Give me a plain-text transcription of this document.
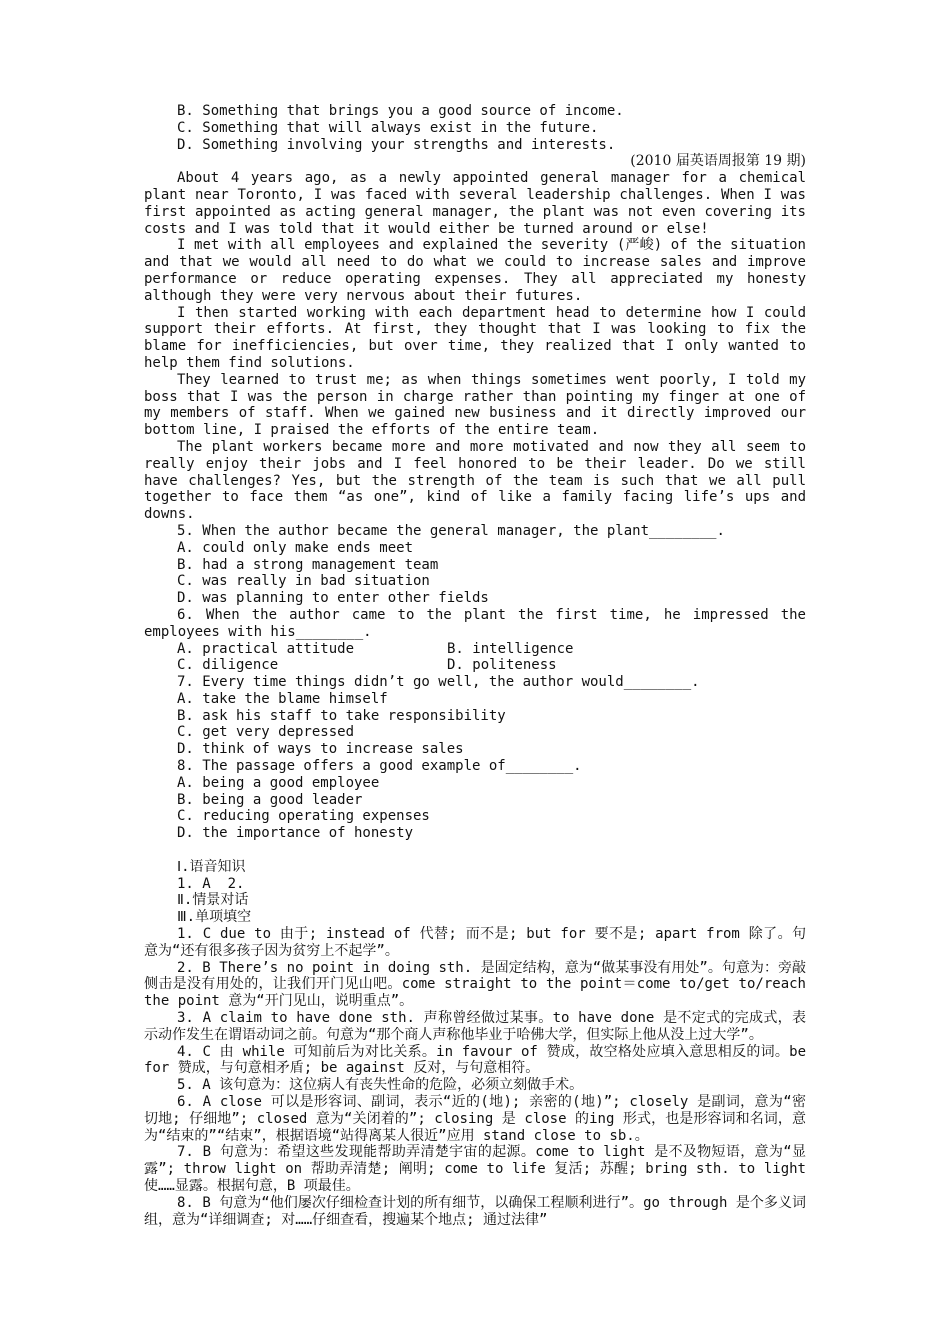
B. Something that brings you a good source of income.
C. Something that will always exist in the future.
D. Something involving your strengths and interests.

(2010 届英语周报第 19 期)

About 4 years ago, as a newly appointed general manager for a chemical plant near Toronto, I was faced with several leadership challenges. When I was first appointed as acting general manager, the plant was not even covering its costs and I was told that it would either be turned around or else!

I met with all employees and explained the severity (严峻) of the situation and that we would all need to do what we could to increase sales and improve performance or reduce operating expenses. They all appreciated my honesty although they were very nervous about their futures.

I then started working with each department head to determine how I could support their efforts. At first, they thought that I was looking to fix the blame for inefficiencies, but over time, they realized that I only wanted to help them find solutions.

They learned to trust me; as when things sometimes went poorly, I told my boss that I was the person in charge rather than pointing my finger at one of my members of staff. When we gained new business and it directly improved our bottom line, I praised the efforts of the entire team.

The plant workers became more and more motivated and now they all seem to really enjoy their jobs and I feel honored to be their leader. Do we still have challenges? Yes, but the strength of the team is such that we all pull together to face them “as one”, kind of like a family facing life’s ups and downs.

5. When the author became the general manager, the plant________.

A. could only make ends meet
B. had a strong management team
C. was really in bad situation
D. was planning to enter other fields

6. When the author came to the plant the first time, he impressed the employees with his________.

A. practical attitude	B. intelligence
C. diligence	D. politeness

7. Every time things didn’t go well, the author would________.

A. take the blame himself
B. ask his staff to take responsibility
C. get very depressed
D. think of ways to increase sales

8. The passage offers a good example of________.

A. being a good employee
B. being a good leader
C. reducing operating expenses
D. the importance of honesty
Ⅰ.语音知识
1. A  2.
Ⅱ.情景对话
Ⅲ.单项填空

1. C due to 由于; instead of 代替; 而不是; but for 要不是; apart from 除了。句意为“还有很多孩子因为贫穷上不起学”。

2. B There’s no point in doing sth. 是固定结构，意为“做某事没有用处”。句意为：旁敲侧击是没有用处的，让我们开门见山吧。come straight to the point＝come to/get to/reach the point 意为“开门见山，说明重点”。

3. A claim to have done sth. 声称曾经做过某事。to have done 是不定式的完成式，表示动作发生在谓语动词之前。句意为“那个商人声称他毕业于哈佛大学，但实际上他从没上过大学”。

4. C 由 while 可知前后为对比关系。in favour of 赞成，故空格处应填入意思相反的词。be for 赞成，与句意相矛盾; be against 反对，与句意相符。

5. A 该句意为：这位病人有丧失性命的危险，必须立刻做手术。

6. A close 可以是形容词、副词，表示“近的(地); 亲密的(地)”; closely 是副词，意为“密切地; 仔细地”; closed 意为“关闭着的”; closing 是 close 的ing 形式，也是形容词和名词，意为“结束的”“结束”，根据语境“站得离某人很近”应用 stand close to sb.。

7. B 句意为：希望这些发现能帮助弄清楚宇宙的起源。come to light 是不及物短语，意为“显露”; throw light on 帮助弄清楚; 阐明; come to life 复活; 苏醒; bring sth. to light 使……显露。根据句意，B 项最佳。

8. B 句意为“他们屡次仔细检查计划的所有细节，以确保工程顺利进行”。go through 是个多义词组，意为“详细调查; 对……仔细查看，搜遍某个地点; 通过法律”
